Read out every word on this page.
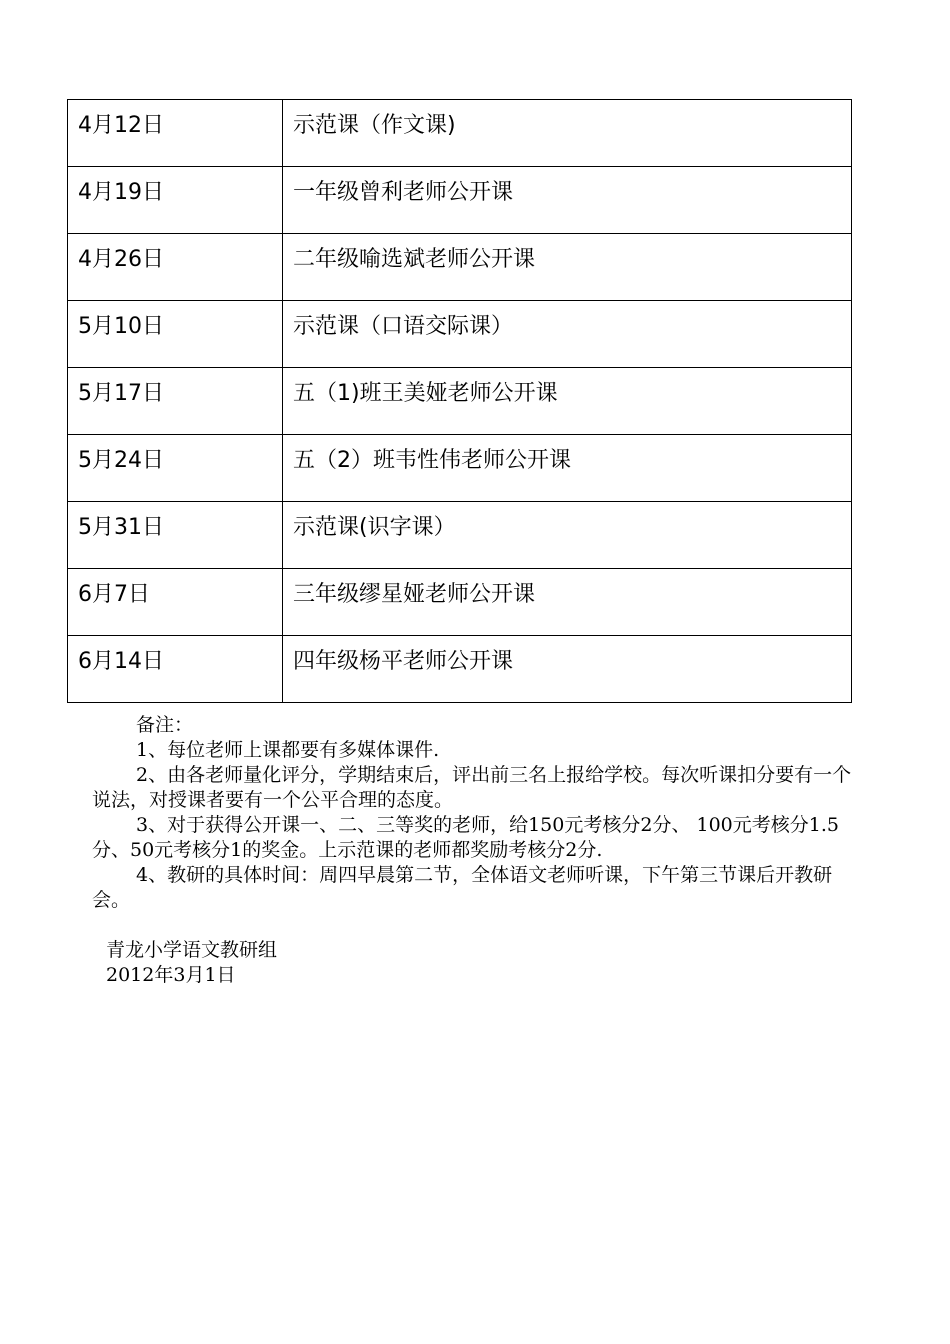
4月12日	示范课（作文课)
4月19日	一年级曾利老师公开课
4月26日	二年级喻选斌老师公开课
5月10日	示范课（口语交际课）
5月17日	五（1)班王美娅老师公开课
5月24日	五（2）班韦性伟老师公开课
5月31日	示范课(识字课）
6月7日	三年级缪星娅老师公开课
6月14日	四年级杨平老师公开课

备注：

1、每位老师上课都要有多媒体课件.

2、由各老师量化评分，学期结束后，评出前三名上报给学校。每次听课扣分要有一个说法，对授课者要有一个公平合理的态度。

3、对于获得公开课一、二、三等奖的老师，给150元考核分2分、 100元考核分1.5分、50元考核分1的奖金。上示范课的老师都奖励考核分2分.

4、教研的具体时间：周四早晨第二节，全体语文老师听课，下午第三节课后开教研会。

青龙小学语文教研组
2012年3月1日
